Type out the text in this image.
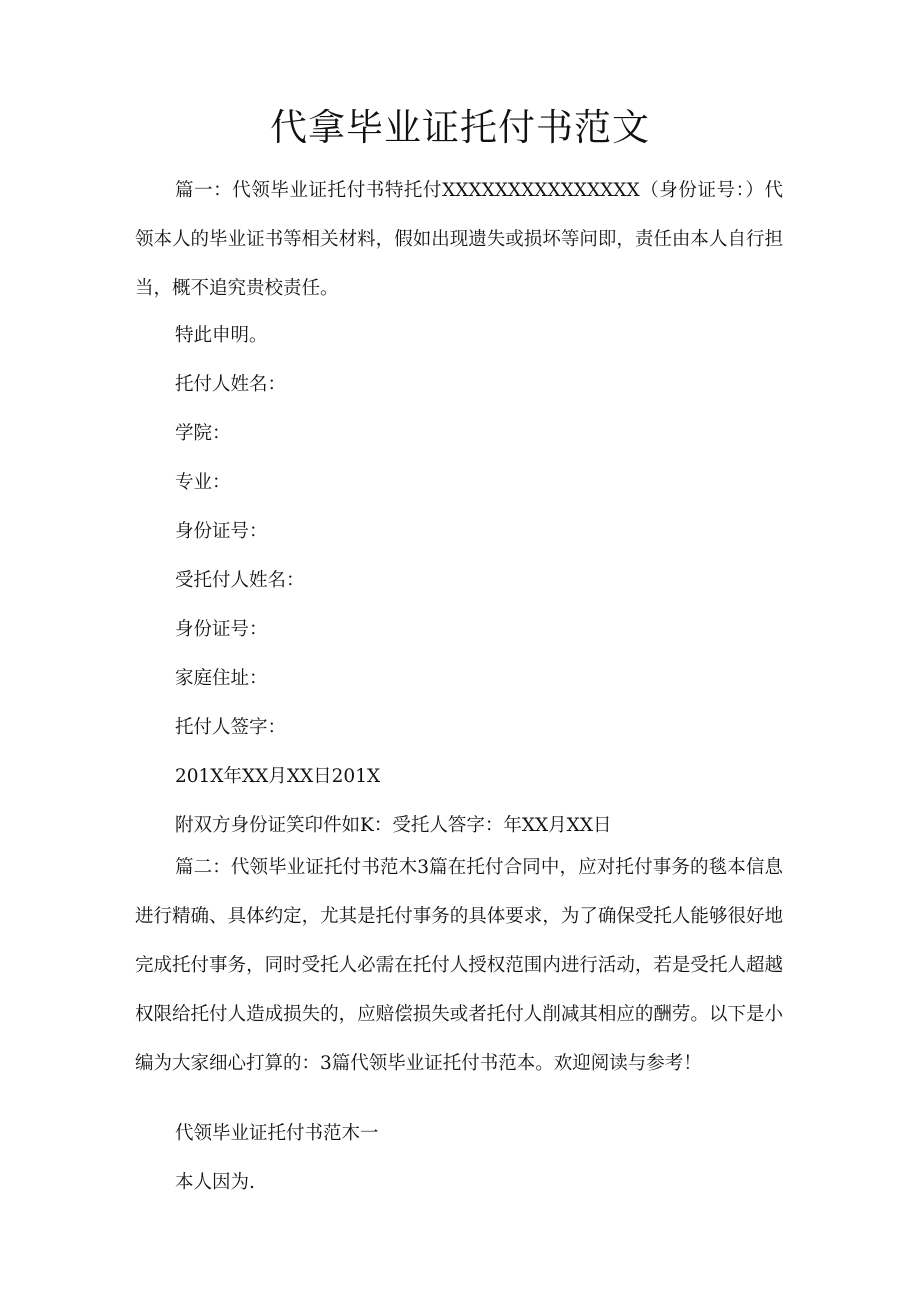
代拿毕业证托付书范文

篇一：代领毕业证托付书特托付XXXXXXXXXXXXXXX（身份证号：）代领本人的毕业证书等相关材料，假如出现遗失或损坏等问即，责任由本人自行担当，概不追究贵校责任。

特此申明。

托付人姓名：

学院：

专业：

身份证号：

受托付人姓名：

身份证号：

家庭住址：

托付人签字：

201X年XX月XX日201X

附双方身份证笑印件如K：受托人答字：年XX月XX日

篇二：代领毕业证托付书范木3篇在托付合同中，应对托付事务的毯本信息进行精确、具体约定，尤其是托付事务的具体要求，为了确保受托人能够很好地完成托付事务，同时受托人必需在托付人授权范围内进行活动，若是受托人超越权限给托付人造成损失的，应赔偿损失或者托付人削减其相应的酬劳。以下是小编为大家细心打算的：3篇代领毕业证托付书范本。欢迎阅读与参考！

代领毕业证托付书范木一

本人因为.
